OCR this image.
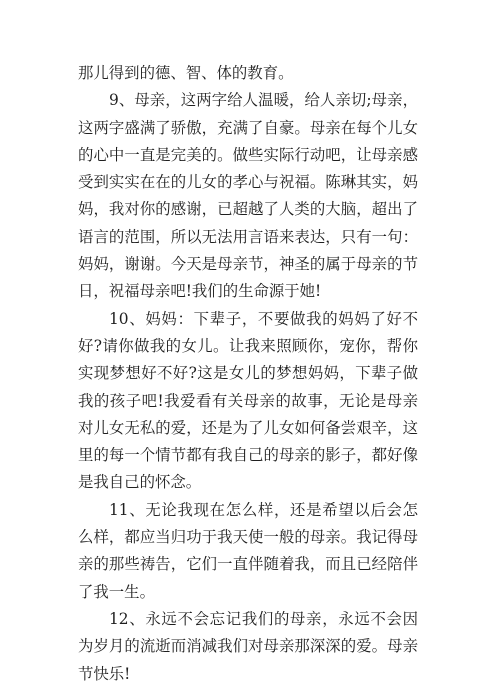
那儿得到的德、智、体的教育。

9、母亲，这两字给人温暖，给人亲切;母亲，这两字盛满了骄傲，充满了自豪。母亲在每个儿女的心中一直是完美的。做些实际行动吧，让母亲感受到实实在在的儿女的孝心与祝福。陈琳其实，妈妈，我对你的感谢，已超越了人类的大脑，超出了语言的范围，所以无法用言语来表达，只有一句：妈妈，谢谢。今天是母亲节，神圣的属于母亲的节日，祝福母亲吧!我们的生命源于她!

10、妈妈：下辈子，不要做我的妈妈了好不好?请你做我的女儿。让我来照顾你，宠你，帮你实现梦想好不好?这是女儿的梦想妈妈，下辈子做我的孩子吧!我爱看有关母亲的故事，无论是母亲对儿女无私的爱，还是为了儿女如何备尝艰辛，这里的每一个情节都有我自己的母亲的影子，都好像是我自己的怀念。

11、无论我现在怎么样，还是希望以后会怎么样，都应当归功于我天使一般的母亲。我记得母亲的那些祷告，它们一直伴随着我，而且已经陪伴了我一生。

12、永远不会忘记我们的母亲，永远不会因为岁月的流逝而消减我们对母亲那深深的爱。母亲节快乐!
